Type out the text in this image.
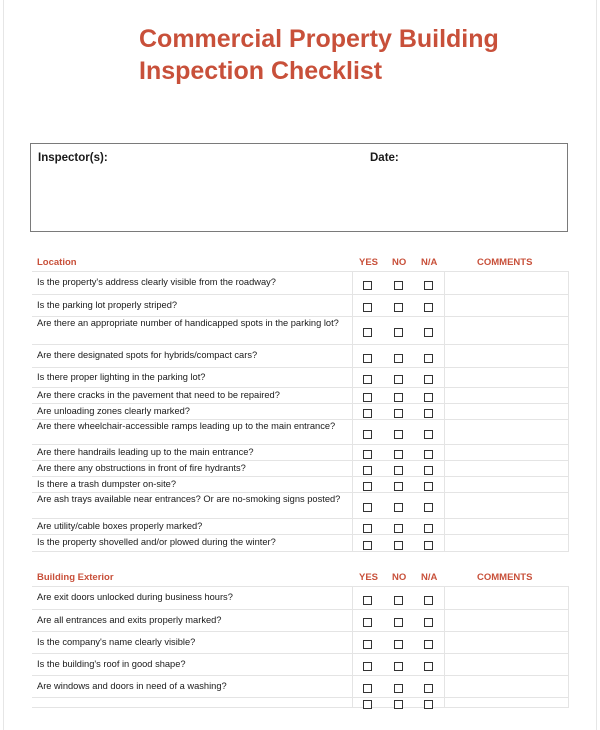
Commercial Property Building
Inspection Checklist
Inspector(s):	Date:
Location	YES NO N/A	COMMENTS
Is the property's address clearly visible from the roadway?
Is the parking lot properly striped?
Are there an appropriate number of handicapped spots in the parking lot?
Are there designated spots for hybrids/compact cars?
Is there proper lighting in the parking lot?
Are there cracks in the pavement that need to be repaired?
Are unloading zones clearly marked?
Are there wheelchair-accessible ramps leading up to the main entrance?
Are there handrails leading up to the main entrance?
Are there any obstructions in front of fire hydrants?
Is there a trash dumpster on-site?
Are ash trays available near entrances? Or are no-smoking signs posted?
Are utility/cable boxes properly marked?
Is the property shovelled and/or plowed during the winter?
Building Exterior	YES NO N/A	COMMENTS
Are exit doors unlocked during business hours?
Are all entrances and exits properly marked?
Is the company's name clearly visible?
Is the building's roof in good shape?
Are windows and doors in need of a washing?
